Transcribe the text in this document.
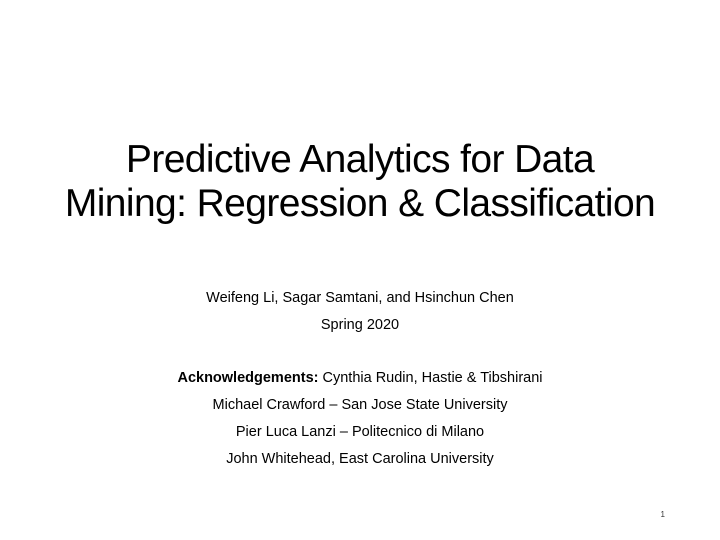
Predictive Analytics for Data
Mining: Regression & Classification
Weifeng Li, Sagar Samtani, and Hsinchun Chen
Spring 2020
Acknowledgements: Cynthia Rudin, Hastie & Tibshirani
Michael Crawford – San Jose State University
Pier Luca Lanzi – Politecnico di Milano
John Whitehead, East Carolina University
1
